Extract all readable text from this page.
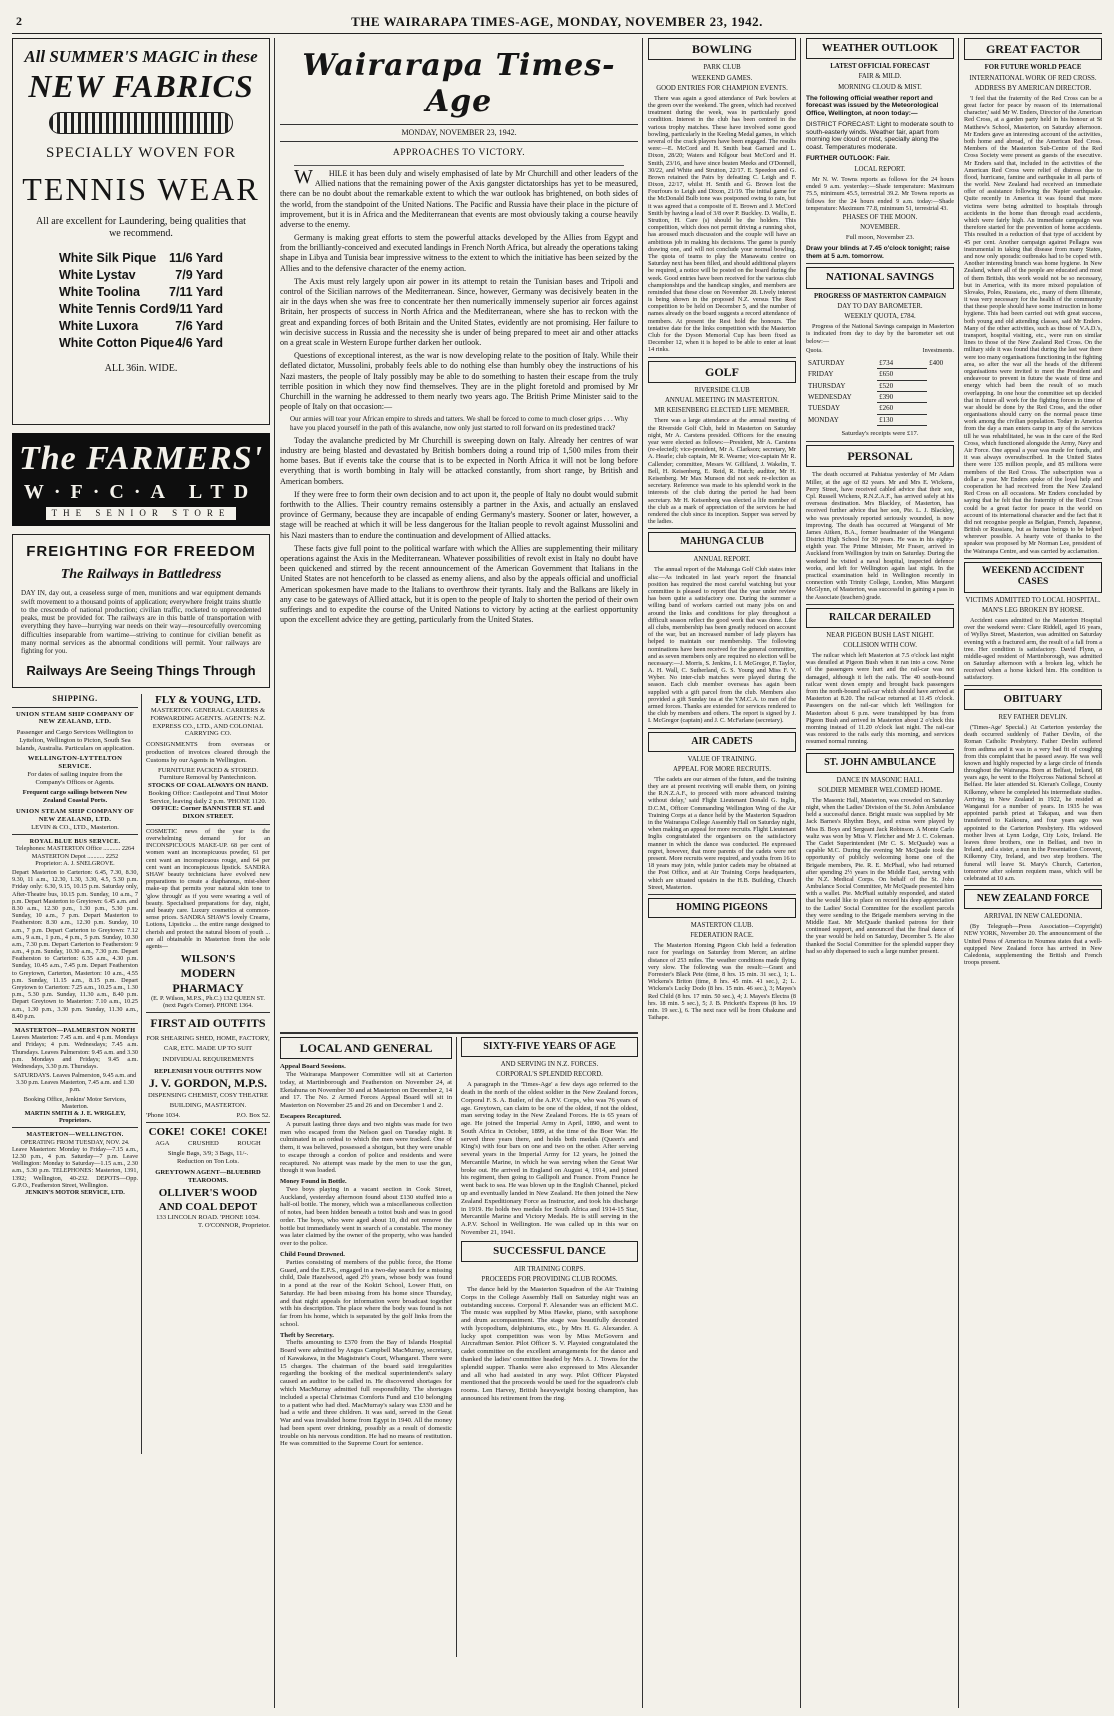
2	THE WAIRARAPA TIMES-AGE, MONDAY, NOVEMBER 23, 1942.
All SUMMER'S MAGIC in these
NEW FABRICS
SPECIALLY WOVEN FOR
TENNIS WEAR
All are excellent for Laundering, being qualities that we recommend.
White Silk Pique 11/6 Yard
White Lystav	7/9 Yard
White Toolina 7/11 Yard
White Tennis Cord 9/11 Yard
White Luxora	7/6 Yard
White Cotton Pique 4/6 Yard
ALL 36in. WIDE.
The FARMERS'
W·F·C·A LTD
THE SENIOR STORE
FREIGHTING FOR FREEDOM
The Railways in Battledress
DAY IN, day out, a ceaseless surge of men, munitions and war equipment demands swift movement to a thousand points of application; everywhere freight trains shuttle to the crescendo of national production; civilian traffic, rocketed to unprecedented peaks, must be provided for. The railways are in this battle of transportation with everything they have—hurrying war needs on their way—resourcefully overcoming difficulties inseparable from wartime—striving to continue for civilian benefit as many normal services as the abnormal conditions will permit. Your railways are fighting for you.
Railways Are Seeing Things Through
SHIPPING.
UNION STEAM SHIP COMPANY OF NEW ZEALAND, LTD.
Passenger and Cargo Services Wellington to Lyttelton, Wellington to Picton, South Sea Islands, Australia. Particulars on application.
WELLINGTON-LYTTELTON SERVICE.
For dates of sailing inquire from the Company's Offices or Agents.
Frequent cargo sailings between New Zealand Coastal Ports.
UNION STEAM SHIP COMPANY OF NEW ZEALAND, LTD.
LEVIN & CO., LTD., Masterton.
ROYAL BLUE BUS SERVICE.
Telephones: MASTERTON Office ........... 2264 MASTERTON Depot ........... 2252
Proprietor: A. J. SNELGROVE.
Depart Masterton to Carterton: 6.45, 7.30, 8.30, 9.30, 11 a.m., 12.30, 1.30, 3.30, 4.5, 5.30 p.m. Friday only: 6.30, 9.15, 10.15 p.m. Saturday only, After-Theatre bus, 10.15 p.m. Sunday, 10 a.m., 7 p.m. Depart Masterton to Greytown: 6.45 a.m. and 8.30 a.m., 12.30 p.m., 1.30 p.m., 5.30 p.m. Sunday, 10 a.m., 7 p.m. Depart Masterton to Featherston: 8.30 a.m., 12.30 p.m. Sunday, 10 a.m., 7 p.m. Depart Carterton to Greytown: 7.12 a.m., 9 a.m., 1 p.m., 4 p.m., 5 p.m. Sunday, 10.30 a.m., 7.30 p.m. Depart Carterton to Featherston: 9 a.m., 4 p.m. Sunday, 10.30 a.m., 7.30 p.m. Depart Featherston to Carterton: 6.35 a.m., 4.30 p.m. Sunday, 10.45 a.m., 7.45 p.m. Depart Featherston to Greytown, Carterton, Masterton: 10 a.m., 4.55 p.m. Sunday, 11.15 a.m., 8.15 p.m. Depart Greytown to Carterton: 7.25 a.m., 10.25 a.m., 1.30 p.m., 5.30 p.m. Sunday, 11.30 a.m., 8.40 p.m. Depart Greytown to Masterton: 7.10 a.m., 10.25 a.m., 1.30 p.m., 3.30 p.m. Sunday, 11.30 a.m., 8.40 p.m.
MASTERTON—PALMERSTON NORTH
Leaves Masterton: 7.45 a.m. and 4 p.m. Mondays and Fridays; 4 p.m. Wednesdays; 7.45 a.m. Thursdays. Leaves Palmerston: 9.45 a.m. and 3.30 p.m. Mondays and Fridays; 9.45 a.m. Wednesdays, 3.30 p.m. Thursdays.
SATURDAYS. Leaves Palmerston, 9.45 a.m. and 3.30 p.m. Leaves Masterton, 7.45 a.m. and 1.30 p.m.
Booking Office, Jenkins' Motor Services, Masterton.
MARTIN SMITH & J. E. WRIGLEY, Proprietors.
MASTERTON—WELLINGTON.
OPERATING FROM TUESDAY, NOV. 24.
Leave Masterton: Monday to Friday—7.15 a.m., 12.30 p.m., 4 p.m. Saturday—7 p.m. Leave Wellington: Monday to Saturday—1.15 a.m., 2.30 a.m., 5.30 p.m. TELEPHONES: Masterton, 1391, 1392; Wellington, 40-232. DEPOTS—Opp. G.P.O., Featherston Street, Wellington.
JENKIN'S MOTOR SERVICE, LTD.
FLY & YOUNG, LTD.
MASTERTON. GENERAL CARRIERS & FORWARDING AGENTS. AGENTS: N.Z. EXPRESS CO., LTD., AND COLONIAL CARRYING CO.
CONSIGNMENTS from overseas or production of invoices cleared through the Customs by our Agents in Wellington.
FURNITURE PACKED & STORED. Furniture Removal by Pantechnicon.
STOCKS OF COAL ALWAYS ON HAND.
Booking Office: Castlepoint and Tinui Motor Service, leaving daily 2 p.m. 'PHONE 1120.
OFFICE: Corner BANNISTER ST. and DIXON STREET.
COSMETIC news of the year is the overwhelming demand for an INCONSPICUOUS MAKE-UP. 68 per cent of women want an inconspicuous powder, 61 per cent want an inconspicuous rouge, and 64 per cent want an inconspicuous lipstick. SANDRA SHAW beauty technicians have evolved new preparations to create a diaphanous, mist-sheer make-up that permits your natural skin tone to 'glow through' as if you were wearing a veil of beauty. Specialised preparations for day, night, and beauty care. Luxury cosmetics at common-sense prices. SANDRA SHAW'S lovely Creams, Lotions, Lipsticks ... the entire range designed to cherish and protect the natural bloom of youth ... are all obtainable in Masterton from the sole agents—
WILSON'S
MODERN PHARMACY
(E. P. Wilson, M.P.S., Ph.C.) 132 QUEEN ST. (next Page's Corner). PHONE 1364.
FIRST AID OUTFITS
FOR SHEARING SHED, HOME, FACTORY, CAR, ETC. MADE UP TO SUIT INDIVIDUAL REQUIREMENTS
REPLENISH YOUR OUTFITS NOW
J. V. GORDON, M.P.S.
DISPENSING CHEMIST, COSY THEATRE BUILDING, MASTERTON.
'Phone 1034.	P.O. Box 52.
COKE! COKE! COKE!
AGA	CRUSHED	ROUGH
Single Bags, 3/9; 3 Bags, 11/-.
Reduction on Ton Lots.
GREYTOWN AGENT—BLUEBIRD TEAROOMS.
OLLIVER'S WOOD AND COAL DEPOT
133 LINCOLN ROAD. 'PHONE 1034.
T. O'CONNOR, Proprietor.
Wairarapa Times-Age
MONDAY, NOVEMBER 23, 1942.
APPROACHES TO VICTORY.

WHILE it has been duly and wisely emphasised of late by Mr Churchill and other leaders of the Allied nations that the remaining power of the Axis gangster dictatorships has yet to be measured, there can be no doubt about the remarkable extent to which the war outlook has brightened, on both sides of the world, from the standpoint of the United Nations. The Pacific and Russia have their place in the picture of improvement, but it is in Africa and the Mediterranean that events are most obviously taking a course heavily adverse to the enemy.

Germany is making great efforts to stem the powerful attacks developed by the Allies from Egypt and from the brilliantly-conceived and executed landings in French North Africa, but already the operations taking shape in Libya and Tunisia bear impressive witness to the extent to which the initiative has been seized by the Allies and to the defensive character of the enemy action.

The Axis must rely largely upon air power in its attempt to retain the Tunisian bases and Tripoli and control of the Sicilian narrows of the Mediterranean. Since, however, Germany was decisively beaten in the air in the days when she was free to concentrate her then numerically immensely superior air forces against Britain, her prospects of success in North Africa and the Mediterranean, where she has to reckon with the great and expanding forces of both Britain and the United States, evidently are not promising. Her failure to win decisive success in Russia and the necessity she is under of being prepared to meet air and other attacks on a great scale in Western Europe further darken her outlook.

Questions of exceptional interest, as the war is now developing relate to the position of Italy. While their deflated dictator, Mussolini, probably feels able to do nothing else than humbly obey the instructions of his Nazi masters, the people of Italy possibly may be able to do something to hasten their escape from the truly terrible position in which they now find themselves. They are in the plight foretold and promised by Mr Churchill in the warning he addressed to them nearly two years ago. The British Prime Minister said to the people of Italy on that occasion:—

Our armies will tear your African empire to shreds and tatters. We shall be forced to come to much closer grips . . . Why have you placed yourself in the path of this avalanche, now only just started to roll forward on its predestined track?

Today the avalanche predicted by Mr Churchill is sweeping down on Italy. Already her centres of war industry are being blasted and devastated by British bombers doing a round trip of 1,500 miles from their home bases. But if events take the course that is to be expected in North Africa it will not be long before everything that is worth bombing in Italy will be attacked constantly, from short range, by British and American bombers.

If they were free to form their own decision and to act upon it, the people of Italy no doubt would submit forthwith to the Allies. Their country remains ostensibly a partner in the Axis, and actually an enslaved province of Germany, because they are incapable of ending Germany's mastery. Sooner or later, however, a stage will be reached at which it will be less dangerous for the Italian people to revolt against Mussolini and his Nazi masters than to endure the continuation and development of Allied attacks.

These facts give full point to the political warfare with which the Allies are supplementing their military operations against the Axis in the Mediterranean. Whatever possibilities of revolt exist in Italy no doubt have been quickened and stirred by the recent announcement of the American Government that Italians in the United States are not henceforth to be classed as enemy aliens, and also by the appeals official and unofficial American spokesmen have made to the Italians to overthrow their tyrants. Italy and the Balkans are likely in any case to be gateways of Allied attack, but it is open to the people of Italy to shorten the period of their own sufferings and to expedite the course of the United Nations to victory by acting at the earliest opportunity upon the excellent advice they are getting, particularly from the United States.

LOCAL AND GENERAL
Appeal Board Sessions.

The Wairarapa Manpower Committee will sit at Carterton today, at Martinborough and Featherston on November 24, at Eketahuna on November 30 and at Masterton on December 2, 14 and 17. The No. 2 Armed Forces Appeal Board will sit in Masterton on November 25 and 26 and on December 1 and 2.

Escapees Recaptured.

A pursuit lasting three days and two nights was made for two men who escaped from the Nelson gaol on Tuesday night. It culminated in an ordeal to which the men were tracked. One of them, it was believed, possessed a shotgun, but they were unable to escape through a cordon of police and residents and were recaptured. No attempt was made by the men to use the gun, though it was loaded.

Money Found in Bottle.

Two boys playing in a vacant section in Cook Street, Auckland, yesterday afternoon found about £130 stuffed into a half-oil bottle. The money, which was a miscellaneous collection of notes, had been hidden beneath a toitoi bush and was in good order. The boys, who were aged about 10, did not remove the bottle but immediately went in search of a constable. The money was later claimed by the owner of the property, who was handed over to the police.

Child Found Drowned.

Parties consisting of members of the public force, the Home Guard, and the E.P.S., engaged in a two-day search for a missing child, Dale Hazelwood, aged 2½ years, whose body was found in a pond at the rear of the Kokiri School, Lower Hutt, on Saturday. He had been missing from his home since Thursday, and that night appeals for information were broadcast together with his description. The place where the body was found is not far from his home, which is separated by the golf links from the school.

Theft by Secretary.

Thefts amounting to £370 from the Bay of Islands Hospital Board were admitted by Angus Campbell MacMurray, secretary, of Kawakawa, in the Magistrate's Court, Whangarei. There were 15 charges. The chairman of the board said irregularities regarding the booking of the medical superintendent's salary caused an auditor to be called in. He discovered shortages for which MacMurray admitted full responsibility. The shortages included a special Christmas Comforts Fund and £10 belonging to a patient who had died. MacMurray's salary was £330 and he had a wife and three children. It was said, served in the Great War and was invalided home from Egypt in 1940. All the money had been spent over drinking, possibly as a result of domestic trouble on his nervous condition. He had no means of restitution. He was committed to the Supreme Court for sentence.

SIXTY-FIVE YEARS OF AGE
AND SERVING IN N.Z. FORCES.
CORPORAL'S SPLENDID RECORD.

A paragraph in the 'Times-Age' a few days ago referred to the death in the north of the oldest soldier in the New Zealand forces, Corporal F. S. A. Butler, of the A.P.V. Corps, who was 76 years of age. Greytown, can claim to be one of the oldest, if not the oldest, man serving today in the New Zealand Forces. He is 65 years of age. He joined the Imperial Army in April, 1890, and went to South Africa in October, 1899, at the time of the Boer War. He served three years there, and holds both medals (Queen's and King's) with four bars on one and two on the other. After serving several years in the Imperial Army for 12 years, he joined the Mercantile Marine, in which he was serving when the Great War broke out. He arrived in England on August 4, 1914, and joined his regiment, then going to Gallipoli and France. From France he went back to sea. He was blown up in the English Channel, picked up and eventually landed in New Zealand. He then joined the New Zealand Expeditionary Force as Instructor, and took his discharge in 1919. He holds two medals for South Africa and 1914-15 Star, Mercantile Marine and Victory Medals. He is still serving in the A.P.V. School in Wellington. He was called up in this war on November 21, 1941.

SUCCESSFUL DANCE
AIR TRAINING CORPS.
PROCEEDS FOR PROVIDING CLUB ROOMS.

The dance held by the Masterton Squadron of the Air Training Corps in the College Assembly Hall on Saturday night was an outstanding success. Corporal F. Alexander was an efficient M.C. The music was supplied by Miss Hawke, piano, with saxophone and drum accompaniment. The stage was beautifully decorated with lycopodium, delphiniums, etc., by Mrs H. G. Alexander. A lucky spot competition was won by Miss McGovern and Aircraftman Senior. Pilot Officer S. V. Playsted congratulated the cadet committee on the excellent arrangements for the dance and thanked the ladies' committee headed by Mrs A. J. Towns for the splendid supper. Thanks were also expressed to Mrs Alexander and all who had assisted in any way. Pilot Officer Playsted mentioned that the proceeds would be used for the squadron's club rooms. Len Harvey, British heavyweight boxing champion, has announced his retirement from the ring.

BOWLING
PARK CLUB
WEEKEND GAMES.
GOOD ENTRIES FOR CHAMPION EVENTS.

There was again a good attendance of Park bowlers at the green over the weekend. The green, which had received treatment during the week, was in particularly good condition. Interest in the club has been centred in the various trophy matches. These have involved some good bowling, particularly in the Keeling Medal games, in which several of the crack players have been engaged. The results were:—E. McCord and H. Smith beat Garrard and L. Dixon, 28/20; Waters and Kilgour beat McCord and H. Smith, 23/16, and have since beaten Meeks and O'Donnell, 30/22, and White and Strutton, 22/17. E. Speedon and G. Brown retained the Pairs by defeating C. Leigh and F. Dixon, 22/17, whilst H. Smith and G. Brown lost the Fourfours to Leigh and Dixon, 21/19. The initial game for the McDonald Bulb tone was postponed owing to rain, but it was agreed that a composite of E. Brown and J. McCord Smith by having a lead of 3/8 over P. Buckley. D. Wallis, E. Strutton, H. Care (s) should be the holders. This competition, which does not permit driving a running shot, has aroused much discussion and the couple will have an ambitious job in making his decisions. The game is purely drawing one, and will not conclude your normal bowling. The quota of teams to play the Manawatu centre on Saturday next has been filled, and should additional players be required, a notice will be posted on the board during the week. Good entries have been received for the various club championships and the handicap singles, and members are reminded that these close on November 28. Lively interest is being shown in the proposed N.Z. versus The Rest competition to be held on December 5, and the number of names already on the board suggests a record attendance of members. At present the Rest hold the honours. The tentative date for the links competition with the Masterton Club for the Dyson Memorial Cup has been fixed as December 12, when it is hoped to be able to enter at least 14 rinks.

GOLF
RIVERSIDE CLUB
ANNUAL MEETING IN MASTERTON.
MR KEISENBERG ELECTED LIFE MEMBER.

There was a large attendance at the annual meeting of the Riverside Golf Club, held in Masterton on Saturday night, Mr A. Carstens presided. Officers for the ensuing year were elected as follows:—President, Mr A. Carstens (re-elected); vice-president, Mr A. Clarkson; secretary, Mr A. Hearle; club captain, Mr R. Wearne; vice-captain Mr R. Callender; committee, Messrs W. Gilliland, J. Wakelin, T. Bell, H. Keisenberg, E. Reid, R. Hatch; auditor, Mr H. Keisenberg. Mr Max Munson did not seek re-election as secretary. Reference was made to his splendid work in the interests of the club during the period he had been secretary. Mr H. Keisenberg was elected a life member of the club as a mark of appreciation of the services he had rendered the club since its inception. Supper was served by the ladies.

MAHUNGA CLUB
ANNUAL REPORT.

The annual report of the Mahunga Golf Club states inter alia:—As indicated in last year's report the financial position has required the most careful watching but your committee is pleased to report that the year under review has been quite a satisfactory one. During the summer a willing band of workers carried out many jobs on and around the links and conditions for play throughout a difficult season reflect the good work that was done. Like all clubs, membership has been greatly reduced on account of the war, but an increased number of lady players has helped to maintain our membership. The following nominations have been received for the general committee, and as seven members only are required no election will be necessary:—J. Morris, S. Jenkins, I. I. McGregor, F. Taylor, A. H. Wall, C. Sutherland, G. S. Young and Miss F. V. Wyber. No inter-club matches were played during the season. Each club member overseas has again been supplied with a gift parcel from the club. Members also provided a gift Sunday tea at the Y.M.C.A. to men of the armed forces. Thanks are extended for services rendered to the club by members and others. The report is signed by J. I. McGregor (captain) and J. C. McFarlane (secretary).

AIR CADETS
VALUE OF TRAINING.
APPEAL FOR MORE RECRUITS.

'The cadets are our airmen of the future, and the training they are at present receiving will enable them, on joining the R.N.Z.A.F., to proceed with more advanced training without delay,' said Flight Lieutenant Donald G. Inglis, D.C.M., Officer Commanding Wellington Wing of the Air Training Corps at a dance held by the Masterton Squadron in the Wairarapa College Assembly Hall on Saturday night, when making an appeal for more recruits. Flight Lieutenant Inglis congratulated the organisers on the satisfactory manner in which the dance was conducted. He expressed regret, however, that more parents of the cadets were not present. More recruits were required, and youths from 16 to 18 years may join, while junior cadets may be obtained at the Post Office, and at Air Training Corps headquarters, which are situated upstairs in the H.B. Building, Church Street, Masterton.

HOMING PIGEONS
MASTERTON CLUB.
FEDERATION RACE.

The Masterton Homing Pigeon Club held a federation race for yearlings on Saturday from Mercer, an airline distance of 253 miles. The weather conditions made flying very slow. The following was the result:—Grant and Forrester's Black Pete (time, 8 hrs. 15 min. 31 sec.), 1; L. Wickens's Briton (time, 8 hrs. 45 min. 41 sec.), 2; L. Wickens's Lucky Dodo (8 hrs. 15 min. 46 sec.), 3; Mayes's Red Child (8 hrs. 17 min. 50 sec.), 4; J. Mayes's Electra (8 hrs. 18 min. 5 sec.), 5; J. B. Prickett's Express (8 hrs. 19 min. 19 sec.), 6. The next race will be from Ohakune and Taihape.

WEATHER OUTLOOK
LATEST OFFICIAL FORECAST
FAIR & MILD.
MORNING CLOUD & MIST.
The following official weather report and forecast was issued by the Meteorological Office, Wellington, at noon today:—
DISTRICT FORECAST: Light to moderate south to south-easterly winds. Weather fair, apart from morning low cloud or mist, specially along the coast. Temperatures moderate.
FURTHER OUTLOOK: Fair.
LOCAL REPORT.

Mr N. W. Towns reports as follows for the 24 hours ended 9 a.m. yesterday:—Shade temperature: Maximum 75.5, minimum 45.5, terrestrial 39.2. Mr Towns reports as follows for the 24 hours ended 9 a.m. today:—Shade temperature: Maximum 77.8, minimum 51, terrestrial 43.

PHASES OF THE MOON.
NOVEMBER.
Full moon, November 23.
Draw your blinds at 7.45 o'clock tonight; raise them at 5 a.m. tomorrow.
NATIONAL SAVINGS
PROGRESS OF MASTERTON CAMPAIGN
DAY TO DAY BAROMETER.
WEEKLY QUOTA, £784.

Progress of the National Savings campaign in Masterton is indicated from day to day by the barometer set out below:—

Quota.	Investments.
SATURDAY	£734	£400
FRIDAY	£650	
THURSDAY	£520	
WEDNESDAY	£390	
TUESDAY	£260	
MONDAY	£130	
Saturday's receipts were £17.
PERSONAL

The death occurred at Pahiatua yesterday of Mr Adam Miller, at the age of 82 years. Mr and Mrs E. Wickens, Perry Street, have received cabled advice that their son, Cpl. Russell Wickens, R.N.Z.A.F., has arrived safely at his overseas destination. Mrs Blackley, of Masterton, has received further advice that her son, Pte. L. J. Blackley, who was previously reported seriously wounded, is now improving. The death has occurred at Wanganui of Mr James Aitken, B.A., former headmaster of the Wanganui District High School for 30 years. He was in his eighty-eighth year. The Prime Minister, Mr Fraser, arrived in Auckland from Wellington by train on Saturday. During the weekend he visited a naval hospital, inspected defence works, and left for Wellington again last night. In the practical examination held in Wellington recently in connection with Trinity College, London, Miss Margaret McGlynn, of Masterton, was successful in gaining a pass in the Associate (teachers) grade.

RAILCAR DERAILED
NEAR PIGEON BUSH LAST NIGHT.
COLLISION WITH COW.

The railcar which left Masterton at 7.5 o'clock last night was derailed at Pigeon Bush when it ran into a cow. None of the passengers were hurt and the rail-car was not damaged, although it left the rails. The 40 south-bound railcar went down empty and brought back passengers from the north-bound rail-car which should have arrived at Masterton at 8.20. The rail-car returned at 11.45 o'clock. Passengers on the rail-car which left Wellington for Masterton about 6 p.m. were transhipped by bus from Pigeon Bush and arrived in Masterton about 2 o'clock this morning instead of 11.20 o'clock last night. The rail-car was restored to the rails early this morning, and services resumed normal running.

ST. JOHN AMBULANCE
DANCE IN MASONIC HALL.
SOLDIER MEMBER WELCOMED HOME.

The Masonic Hall, Masterton, was crowded on Saturday night, when the Ladies' Division of the St. John Ambulance held a successful dance. Bright music was supplied by Mr Jack Barnes's Rhythm Boys, and extras were played by Miss B. Boys and Sergeant Jack Robinson. A Monte Carlo waltz was won by Miss V. Fletcher and Mr J. C. Coleman. The Cadet Superintendent (Mr C. S. McQuade) was a capable M.C. During the evening Mr McQuade took the opportunity of publicly welcoming home one of the Brigade members, Pte. R. E. McPhail, who had returned after spending 2½ years in the Middle East, serving with the N.Z. Medical Corps. On behalf of the St. John Ambulance Social Committee, Mr McQuade presented him with a wallet. Pte. McPhail suitably responded, and stated that he would like to place on record his deep appreciation to the Ladies' Social Committee for the excellent parcels they were sending to the Brigade members serving in the Middle East. Mr McQuade thanked patrons for their continued support, and announced that the final dance of the year would be held on Saturday, December 5. He also thanked the Social Committee for the splendid supper they had so ably dispensed to such a large number present.

GREAT FACTOR
FOR FUTURE WORLD PEACE
INTERNATIONAL WORK OF RED CROSS.
ADDRESS BY AMERICAN DIRECTOR.

'I feel that the fraternity of the Red Cross can be a great factor for peace by reason of its international character,' said Mr W. Enders, Director of the American Red Cross, at a garden party held in his honour at St Matthew's School, Masterton, on Saturday afternoon. Mr Enders gave an interesting account of the activities, both home and abroad, of the American Red Cross. Members of the Masterton Sub-Centre of the Red Cross Society were present as guests of the executive. Mr Enders said that, included in the activities of the American Red Cross were relief of distress due to flood, hurricane, famine and earthquake in all parts of the world. New Zealand had received an immediate offer of assistance following the Napier earthquake. Quite recently in America it was found that more victims were being admitted to hospitals through accidents in the home than through road accidents, which were fairly high. An immediate campaign was therefore started for the prevention of home accidents. This resulted in a reduction of that type of accident by 45 per cent. Another campaign against Pellagra was instrumental in taking that disease from many States, and now only sporadic outbreaks had to be coped with. Another interesting branch was home hygiene. In New Zealand, where all of the people are educated and most of them British, this work would not be so necessary, but in America, with its more mixed population of Slovaks, Poles, Russians, etc., many of them illiterate, it was very necessary for the health of the community that these people should have some instruction in home hygiene. This had been carried out with great success, both young and old attending classes, said Mr Enders. Many of the other activities, such as those of V.A.D.'s, transport, hospital visiting, etc., were run on similar lines to those of the New Zealand Red Cross. On the military side it was found that during the last war there were too many organisations functioning in the fighting area, so after the war all the heads of the different organisations were invited to meet the President and endeavour to prevent in future the waste of time and energy which had been the result of so much overlapping. In one hour the committee set up decided that in future all work for the fighting forces in time of war should be done by the Red Cross, and the other organisations should carry on the normal peace time work among the civilian population. Today in America from the day a man enters camp in any of the services till he was rehabilitated, he was in the care of the Red Cross, which functioned alongside the Army, Navy and Air Force. One appeal a year was made for funds, and it was always oversubscribed. In the United States there were 135 million people, and 85 millions were members of the Red Cross. The subscription was a dollar a year. Mr Enders spoke of the loyal help and cooperation he had received from the New Zealand Red Cross on all occasions. Mr Enders concluded by saying that he felt that the fraternity of the Red Cross could be a great factor for peace in the world on account of its international character and the fact that it did not recognise people as Belgian, French, Japanese, British or Russians, but as human beings to be helped wherever possible. A hearty vote of thanks to the speaker was proposed by Mr Norman Lee, president of the Wairarapa Centre, and was carried by acclamation.

WEEKEND ACCIDENT CASES
VICTIMS ADMITTED TO LOCAL HOSPITAL.
MAN'S LEG BROKEN BY HORSE.

Accident cases admitted to the Masterton Hospital over the weekend were: Clare Riddell, aged 16 years, of Wyllys Street, Masterton, was admitted on Saturday evening with a fractured arm, the result of a fall from a tree. Her condition is satisfactory. David Flynn, a middle-aged resident of Martinborough, was admitted on Saturday afternoon with a broken leg, which he received when a horse kicked him. His condition is satisfactory.

OBITUARY
REV FATHER DEVLIN.

('Times-Age' Special.) At Carterton yesterday the death occurred suddenly of Father Devlin, of the Roman Catholic Presbytery. Father Devlin suffered from asthma and it was in a very bad fit of coughing from this complaint that he passed away. He was well known and highly respected by a large circle of friends throughout the Wairarapa. Born at Belfast, Ireland, 68 years ago, he went to the Holycross National School at Belfast. He later attended St. Kieran's College, County Kilkenny, where he completed his intermediate studies. Arriving in New Zealand in 1922, he resided at Wanganui for a number of years. In 1935 he was appointed parish priest at Takapau, and was then transferred to Kaikoura, and four years ago was appointed to the Carterton Presbytery. His widowed mother lives at Lynn Lodge, City Loix, Ireland. He leaves three brothers, one in Belfast, and two in Ireland, and a sister, a nun in the Presentation Convent, Kilkenny City, Ireland, and two step brothers. The funeral will leave St. Mary's Church, Carterton, tomorrow after solemn requiem mass, which will be celebrated at 10 a.m.

NEW ZEALAND FORCE
ARRIVAL IN NEW CALEDONIA.

(By Telegraph—Press Association—Copyright) NEW YORK, November 20. The announcement of the United Press of America in Noumea states that a well-equipped New Zealand force has arrived in New Caledonia, supplementing the British and French troops present.
